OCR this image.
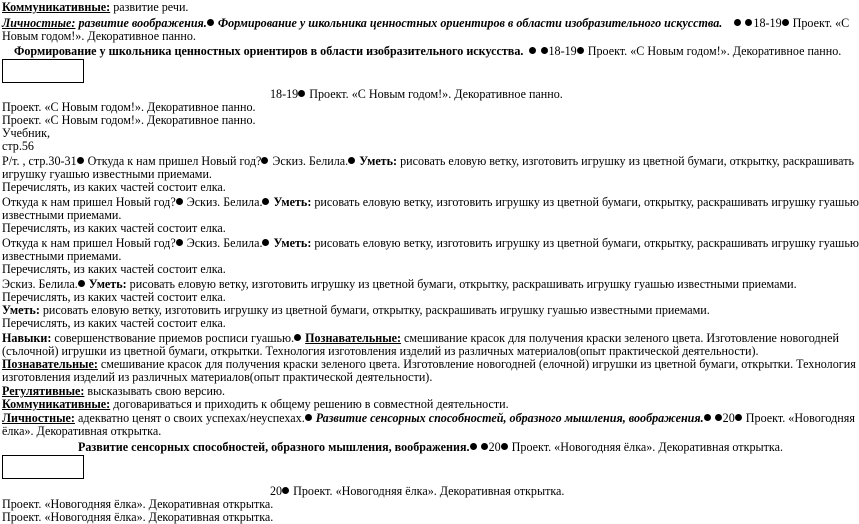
Коммуникативные: развитие речи.
Личностные: развитие воображения. Формирование у школьника ценностных ориентиров в области изобразительного искусства.	18-19 Проект. «С
Новым годом!». Декоративное панно.
Формирование у школьника ценностных ориентиров в области изобразительного искусства. 18-19 Проект. «С Новым годом!». Декоративное панно.
18-19 Проект. «С Новым годом!». Декоративное панно.
Проект. «С Новым годом!». Декоративное панно.
Проект. «С Новым годом!». Декоративное панно.
Учебник,
стр.56
Р/т. , стр.30-31 Откуда к нам пришел Новый год? Эскиз. Белила. Уметь: рисовать еловую ветку, изготовить игрушку из цветной бумаги, открытку, раскрашивать
игрушку гуашью известными приемами.
Перечислять, из каких частей состоит елка.
Откуда к нам пришел Новый год? Эскиз. Белила. Уметь: рисовать еловую ветку, изготовить игрушку из цветной бумаги, открытку, раскрашивать игрушку гуашью
известными приемами.
Перечислять, из каких частей состоит елка.
Откуда к нам пришел Новый год? Эскиз. Белила. Уметь: рисовать еловую ветку, изготовить игрушку из цветной бумаги, открытку, раскрашивать игрушку гуашью
известными приемами.
Перечислять, из каких частей состоит елка.
Эскиз. Белила. Уметь: рисовать еловую ветку, изготовить игрушку из цветной бумаги, открытку, раскрашивать игрушку гуашью известными приемами.
Перечислять, из каких частей состоит елка.
Уметь: рисовать еловую ветку, изготовить игрушку из цветной бумаги, открытку, раскрашивать игрушку гуашью известными приемами.
Перечислять, из каких частей состоит елка.
Навыки: совершенствование приемов росписи гуашью. Познавательные: смешивание красок для получения краски зеленого цвета. Изготовление новогодней
(сълочной) игрушки из цветной бумаги, открытки. Технология изготовления изделий из различных материалов(опыт практической деятельности).
Познавательные: смешивание красок для получения краски зеленого цвета. Изготовление новогодней (елочной) игрушки из цветной бумаги, открытки. Технология
изготовления изделий из различных материалов(опыт практической деятельности).
Регулятивные: высказывать свою версию.
Коммуникативные: договариваться и приходить к общему решению в совместной деятельности.
Личностные: адекватно ценят о своих успехах/неуспехах. Развитие сенсорных способностей, образного мышления, воображения. 20 Проект. «Новогодняя
ёлка». Декоративная открытка.
Развитие сенсорных способностей, образного мышления, воображения. 20 Проект. «Новогодняя ёлка». Декоративная открытка.
20 Проект. «Новогодняя ёлка». Декоративная открытка.
Проект. «Новогодняя ёлка». Декоративная открытка.
Проект. «Новогодняя ёлка». Декоративная открытка.
